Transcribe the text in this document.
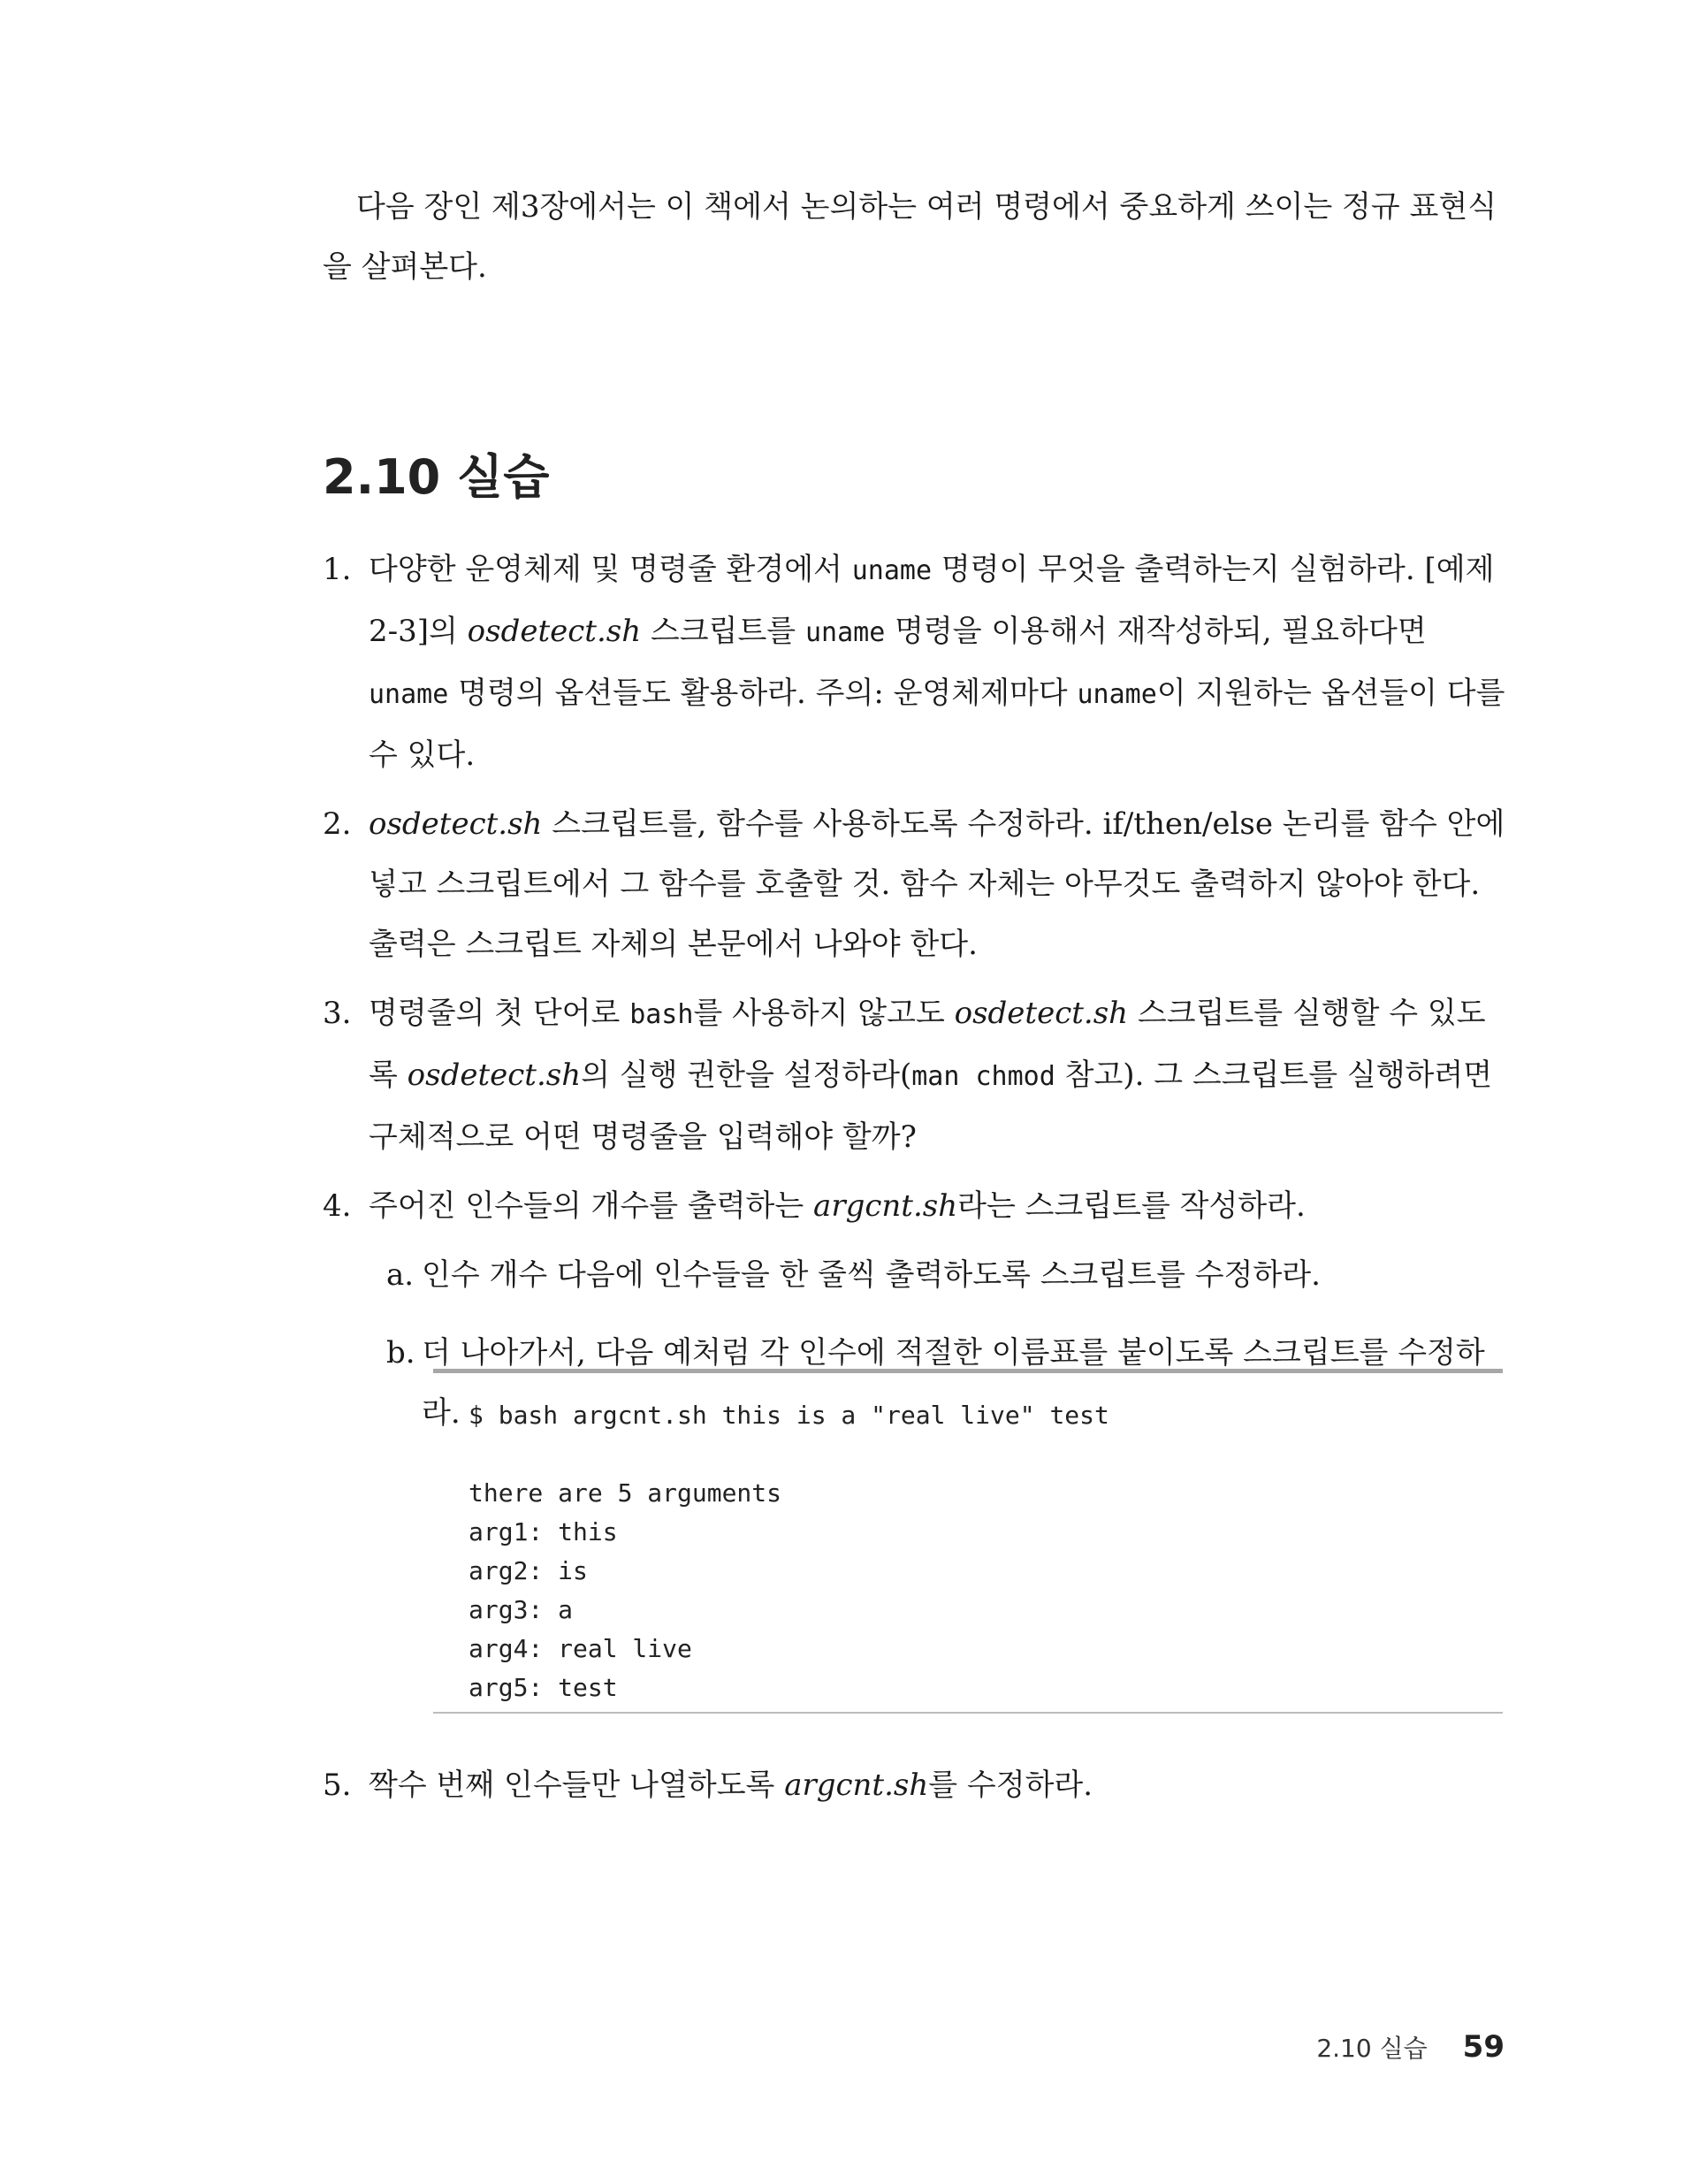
다음 장인 제3장에서는 이 책에서 논의하는 여러 명령에서 중요하게 쓰이는 정규 표현식을 살펴본다.

2.10 실습
1. 다양한 운영체제 및 명령줄 환경에서 uname 명령이 무엇을 출력하는지 실험하라. [예제 2-3]의 osdetect.sh 스크립트를 uname 명령을 이용해서 재작성하되, 필요하다면 uname 명령의 옵션들도 활용하라. 주의: 운영체제마다 uname이 지원하는 옵션들이 다를 수 있다.
2. osdetect.sh 스크립트를, 함수를 사용하도록 수정하라. if/then/else 논리를 함수 안에 넣고 스크립트에서 그 함수를 호출할 것. 함수 자체는 아무것도 출력하지 않아야 한다. 출력은 스크립트 자체의 본문에서 나와야 한다.
3. 명령줄의 첫 단어로 bash를 사용하지 않고도 osdetect.sh 스크립트를 실행할 수 있도록 osdetect.sh의 실행 권한을 설정하라(man chmod 참고). 그 스크립트를 실행하려면 구체적으로 어떤 명령줄을 입력해야 할까?
4. 주어진 인수들의 개수를 출력하는 argcnt.sh라는 스크립트를 작성하라.
a. 인수 개수 다음에 인수들을 한 줄씩 출력하도록 스크립트를 수정하라.
b. 더 나아가서, 다음 예처럼 각 인수에 적절한 이름표를 붙이도록 스크립트를 수정하라. $ bash argcnt.sh this is a "real live" test
there are 5 arguments
arg1: this
arg2: is
arg3: a
arg4: real live
arg5: test
5. 짝수 번째 인수들만 나열하도록 argcnt.sh를 수정하라.
2.10 실습 59
